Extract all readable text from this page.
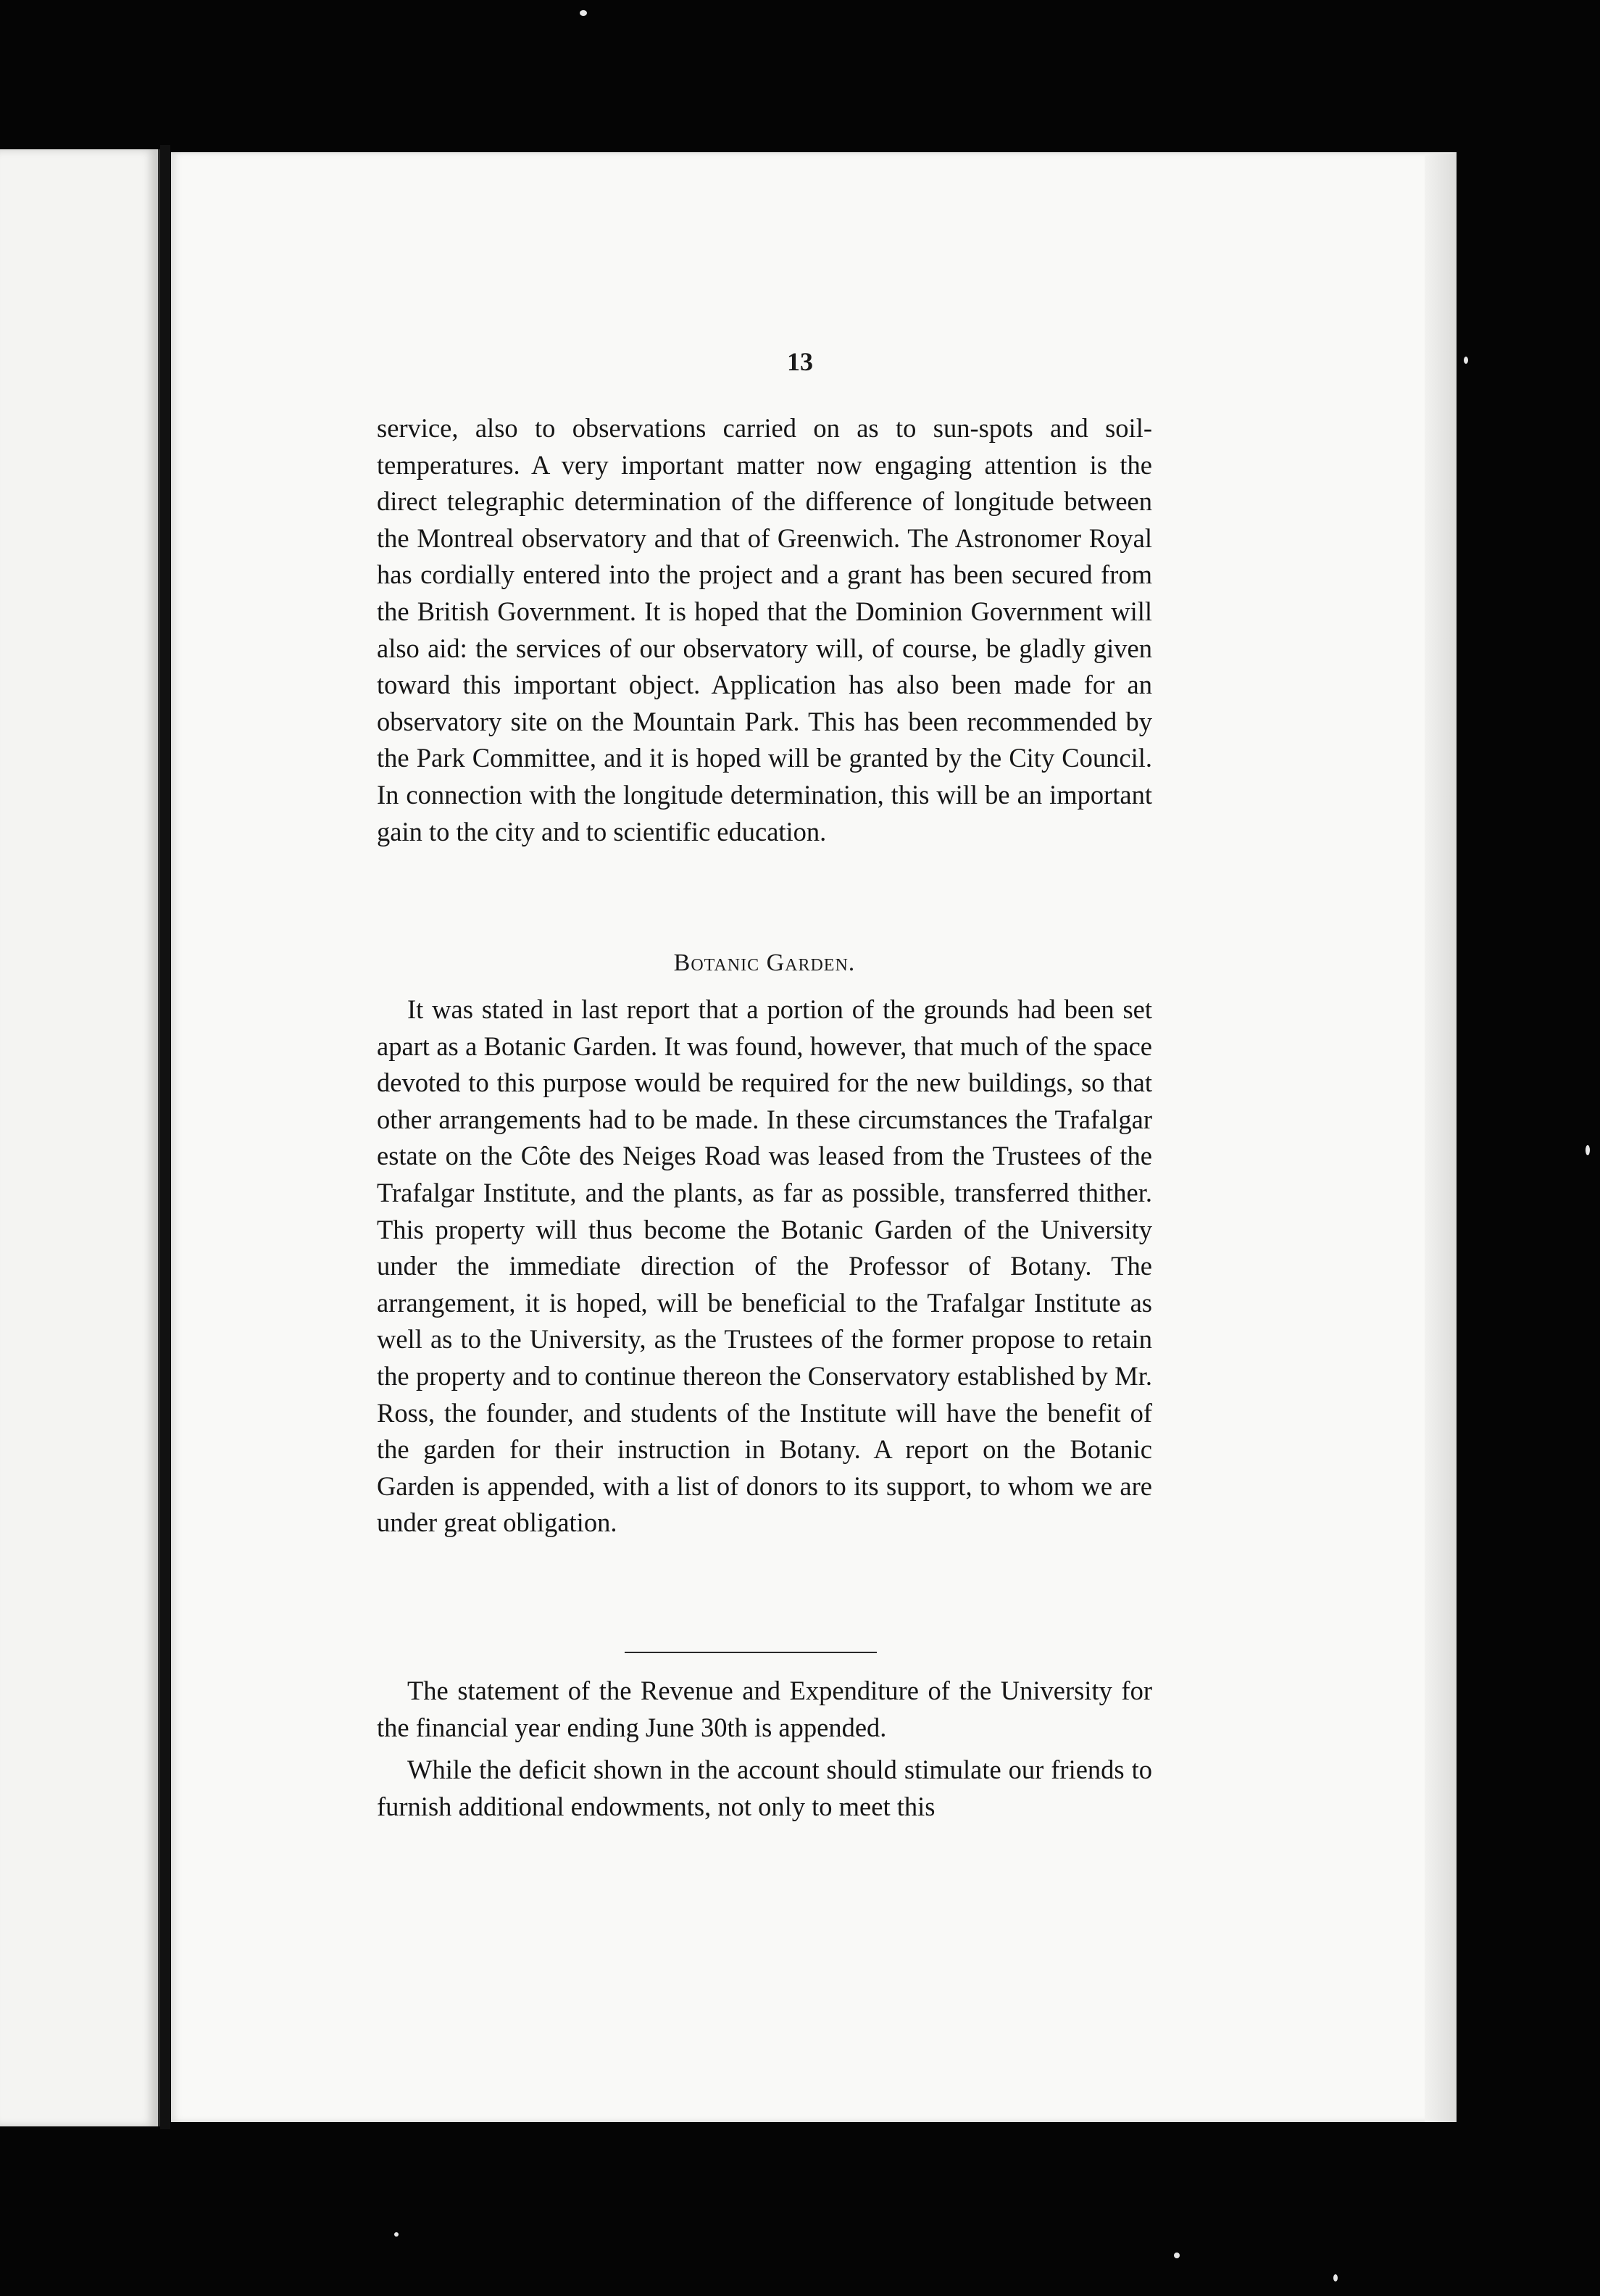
13

service, also to observations carried on as to sun-spots and soil-temperatures. A very important matter now engaging attention is the direct telegraphic determination of the difference of longitude between the Montreal observatory and that of Greenwich. The Astronomer Royal has cordially entered into the project and a grant has been secured from the British Government. It is hoped that the Dominion Government will also aid: the services of our observatory will, of course, be gladly given toward this important object. Application has also been made for an observatory site on the Mountain Park. This has been recommended by the Park Committee, and it is hoped will be granted by the City Council. In connection with the longitude determination, this will be an important gain to the city and to scientific education.

Botanic Garden.

It was stated in last report that a portion of the grounds had been set apart as a Botanic Garden. It was found, however, that much of the space devoted to this purpose would be required for the new buildings, so that other arrangements had to be made. In these circumstances the Trafalgar estate on the Côte des Neiges Road was leased from the Trustees of the Trafalgar Institute, and the plants, as far as possible, transferred thither. This property will thus become the Botanic Garden of the University under the immediate direction of the Professor of Botany. The arrangement, it is hoped, will be beneficial to the Trafalgar Institute as well as to the University, as the Trustees of the former propose to retain the property and to continue thereon the Conservatory established by Mr. Ross, the founder, and students of the Institute will have the benefit of the garden for their instruction in Botany. A report on the Botanic Garden is appended, with a list of donors to its support, to whom we are under great obligation.

The statement of the Revenue and Expenditure of the University for the financial year ending June 30th is appended.

While the deficit shown in the account should stimulate our friends to furnish additional endowments, not only to meet this
